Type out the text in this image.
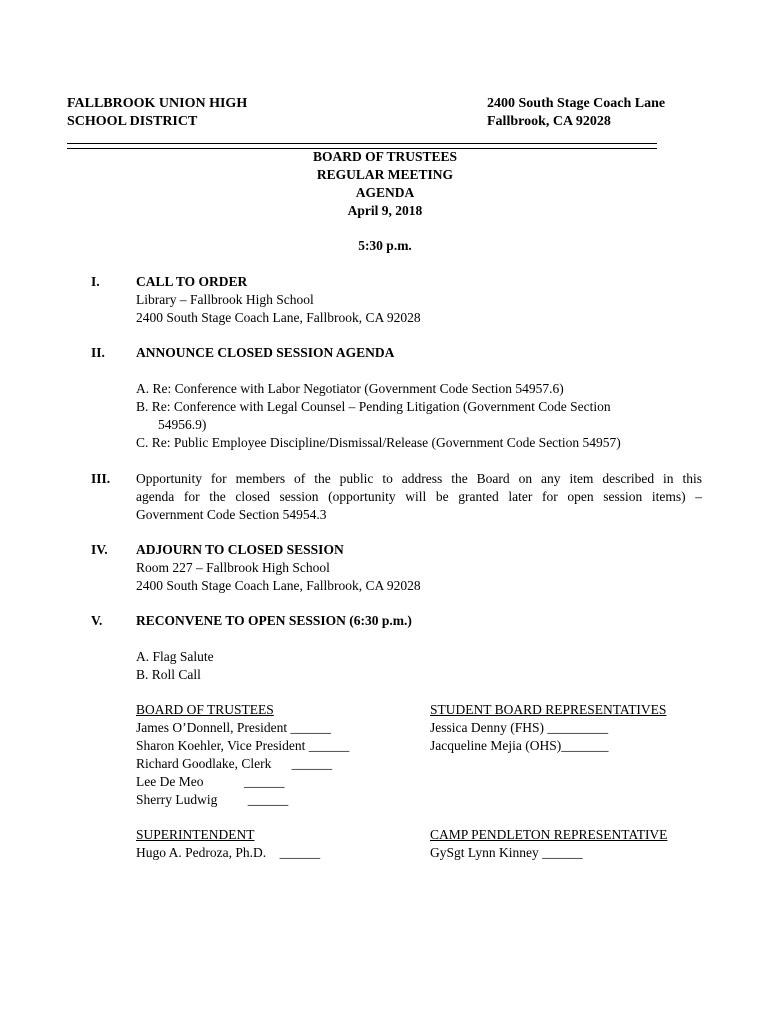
FALLBROOK UNION HIGH
SCHOOL DISTRICT
2400 South Stage Coach Lane
Fallbrook, CA 92028
BOARD OF TRUSTEES
REGULAR MEETING
AGENDA
April 9, 2018
5:30 p.m.
I.	CALL TO ORDER
Library – Fallbrook High School
2400 South Stage Coach Lane, Fallbrook, CA 92028
II. ANNOUNCE CLOSED SESSION AGENDA
A. Re: Conference with Labor Negotiator (Government Code Section 54957.6)
B. Re: Conference with Legal Counsel – Pending Litigation (Government Code Section
54956.9)
C. Re: Public Employee Discipline/Dismissal/Release (Government Code Section 54957)
III. Opportunity for members of the public to address the Board on any item described in this
agenda for the closed session (opportunity will be granted later for open session items) –
Government Code Section 54954.3
IV. ADJOURN TO CLOSED SESSION
Room 227 – Fallbrook High School
2400 South Stage Coach Lane, Fallbrook, CA 92028
V. RECONVENE TO OPEN SESSION (6:30 p.m.)
A. Flag Salute
B. Roll Call
BOARD OF TRUSTEES
James O’Donnell, President ______
Sharon Koehler, Vice President ______
Richard Goodlake, Clerk      ______
Lee De Meo            ______
Sherry Ludwig         ______
STUDENT BOARD REPRESENTATIVES
Jessica Denny (FHS) _________
Jacqueline Mejia (OHS)_______
SUPERINTENDENT
Hugo A. Pedroza, Ph.D.    ______
CAMP PENDLETON REPRESENTATIVE
GySgt Lynn Kinney ______
